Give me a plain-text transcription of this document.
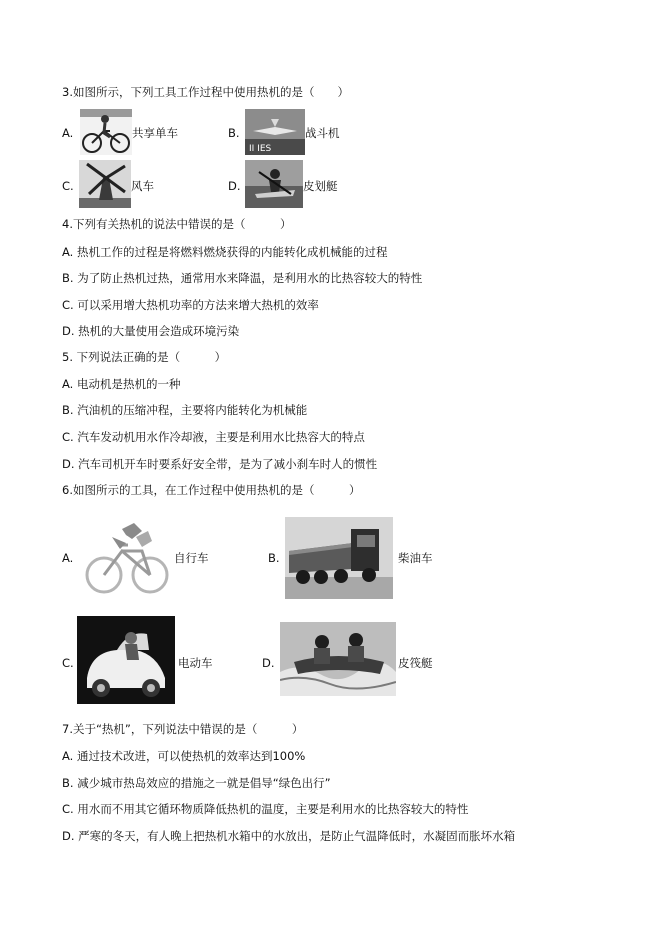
3.如图所示，下列工具工作过程中使用热机的是（　　）
A.	共享单车	B.
II IES
战斗机
C.	风车	D.	皮划艇
4.下列有关热机的说法中错误的是（　　　）
A. 热机工作的过程是将燃料燃烧获得的内能转化成机械能的过程
B. 为了防止热机过热，通常用水来降温，是利用水的比热容较大的特性
C. 可以采用增大热机功率的方法来增大热机的效率
D. 热机的大量使用会造成环境污染
5. 下列说法正确的是（　　　）
A. 电动机是热机的一种
B. 汽油机的压缩冲程，主要将内能转化为机械能
C. 汽车发动机用水作冷却液，主要是利用水比热容大的特点
D. 汽车司机开车时要系好安全带，是为了减小刹车时人的惯性
6.如图所示的工具，在工作过程中使用热机的是（　　　）
A.	自行车	B.	柴油车
C.	电动车	D.	皮筏艇
7.关于“热机”，下列说法中错误的是（　　　）
A. 通过技术改进，可以使热机的效率达到100%
B. 减少城市热岛效应的措施之一就是倡导“绿色出行”
C. 用水而不用其它循环物质降低热机的温度，主要是利用水的比热容较大的特性
D. 严寒的冬天，有人晚上把热机水箱中的水放出，是防止气温降低时，水凝固而胀坏水箱
